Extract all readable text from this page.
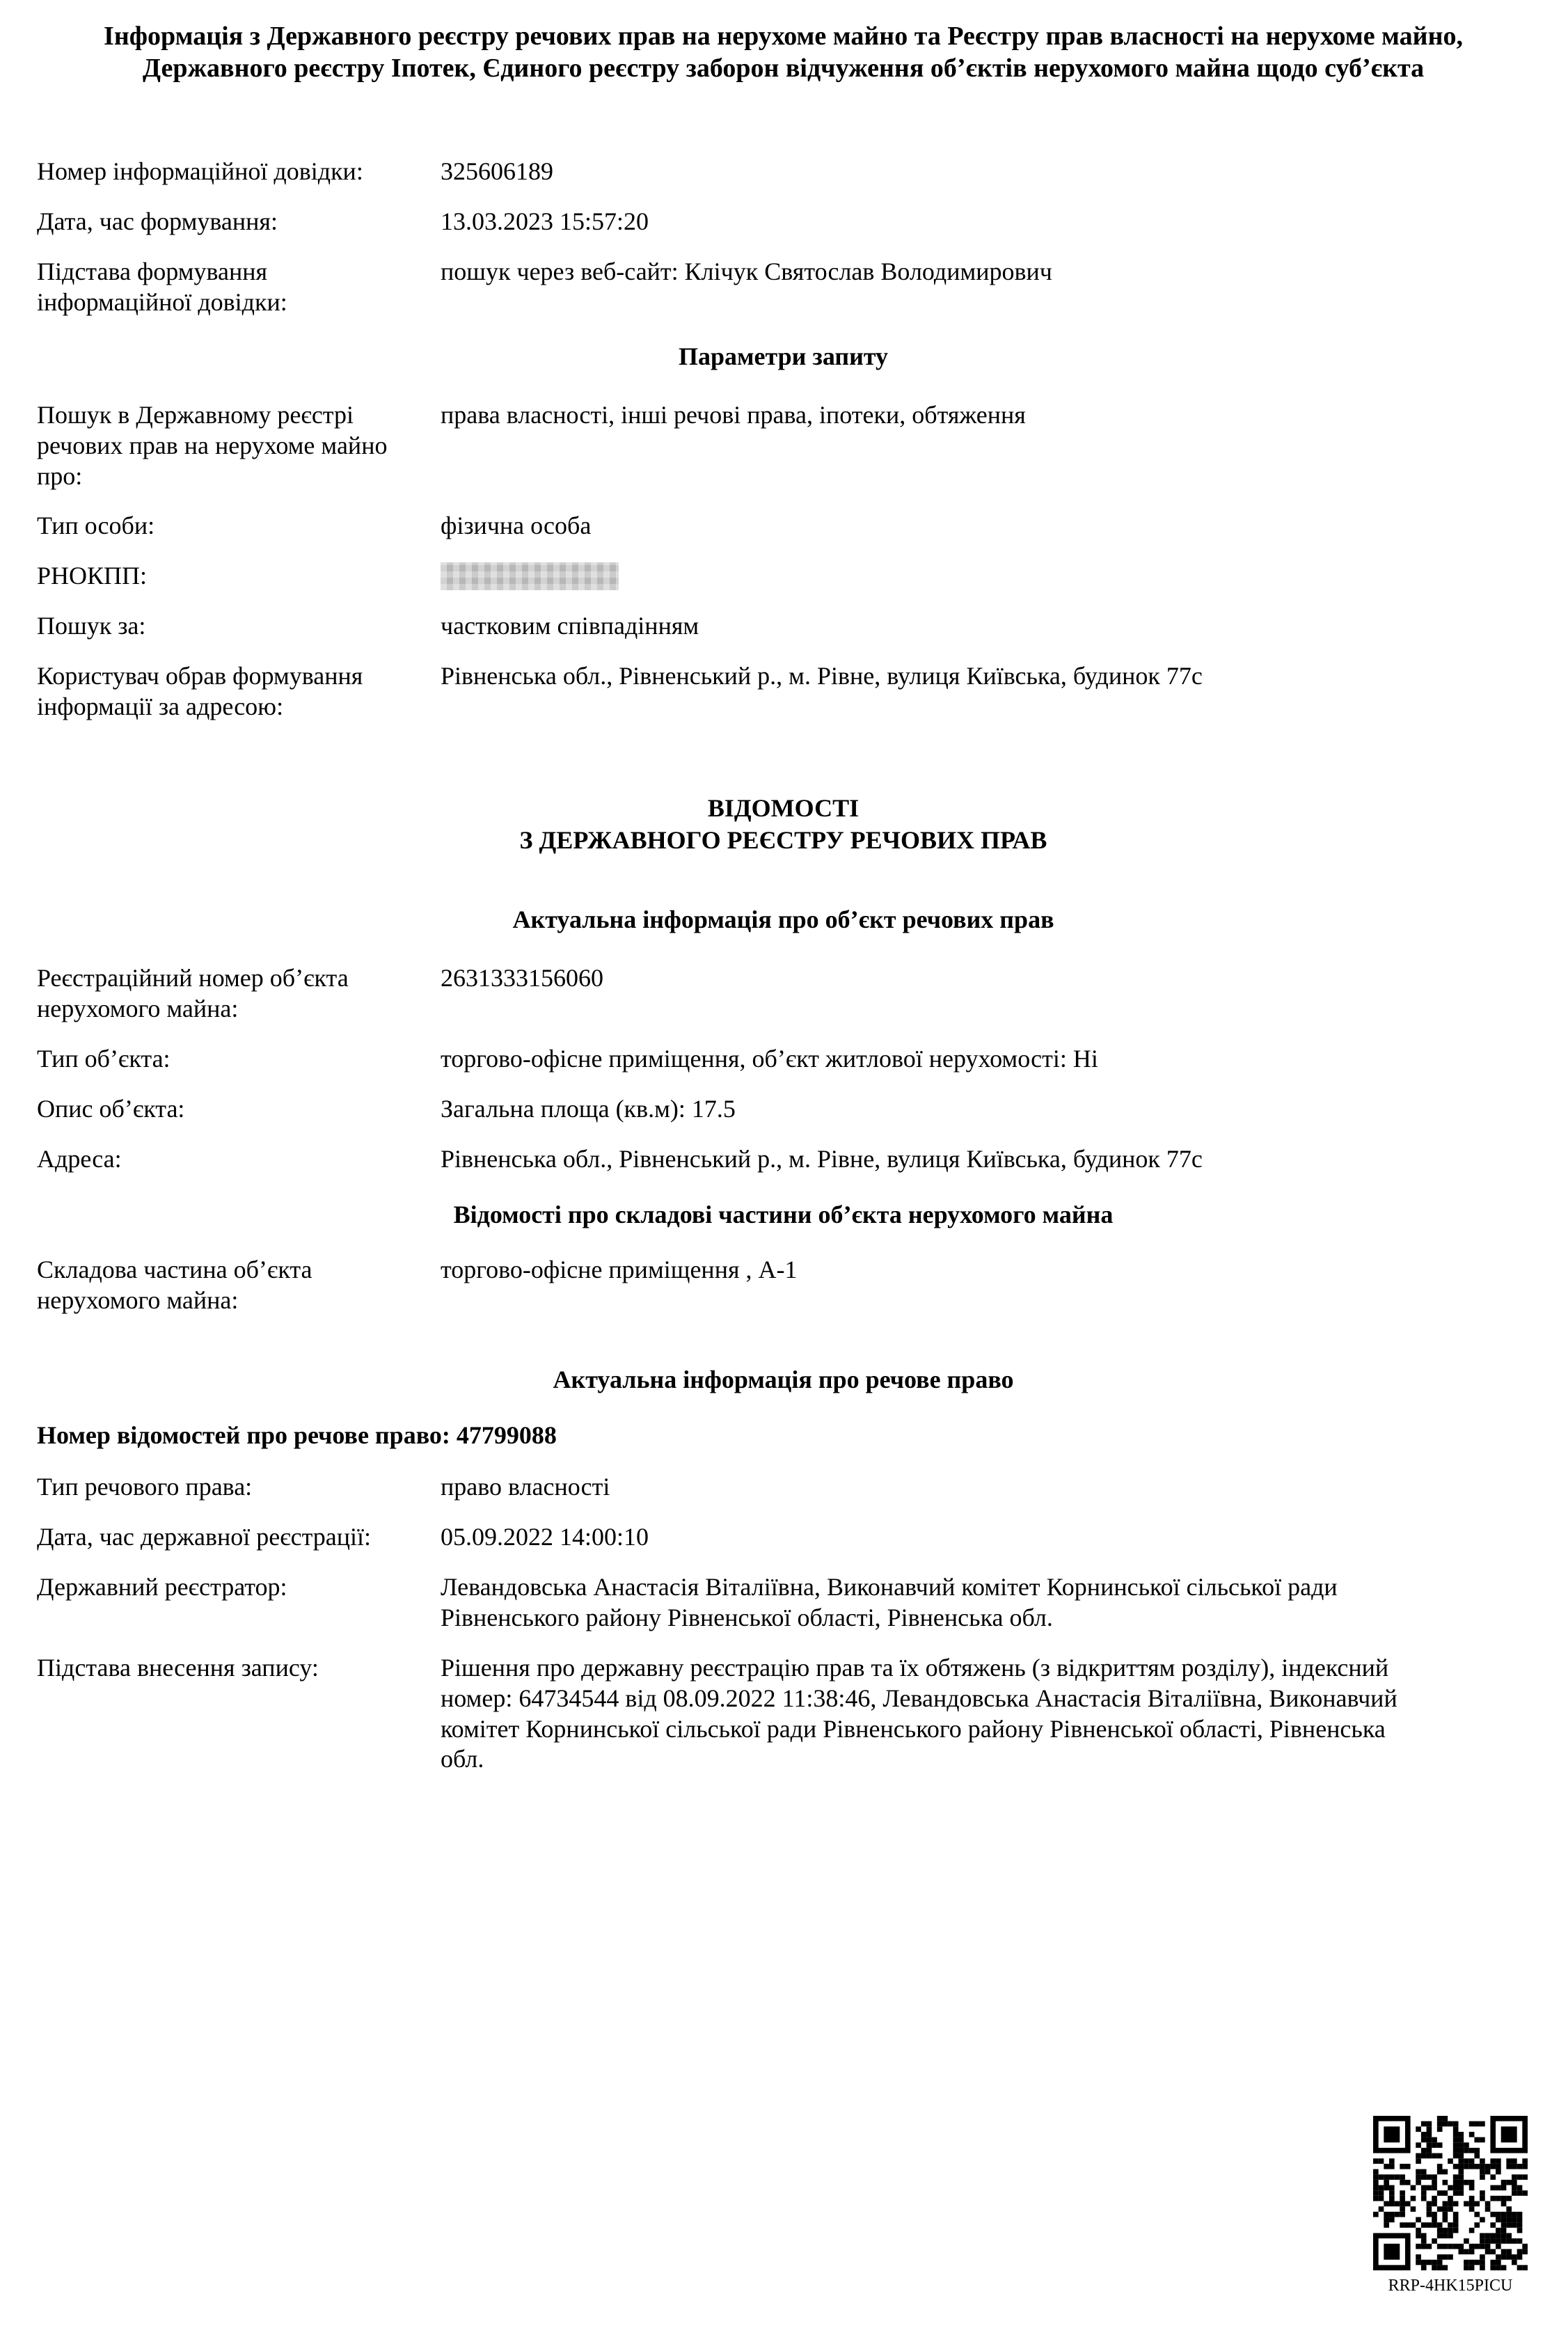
Інформація з Державного реєстру речових прав на нерухоме майно та Реєстру прав власності на нерухоме майно, Державного реєстру Іпотек, Єдиного реєстру заборон відчуження об’єктів нерухомого майна щодо суб’єкта
Номер інформаційної довідки:	325606189
Дата, час формування:	13.03.2023 15:57:20
Підстава формування інформаційної довідки:
пошук через веб-сайт: Клічук Святослав Володимирович
Параметри запиту
Пошук в Державному реєстрі речових прав на нерухоме майно про:
права власності, інші речові права, іпотеки, обтяження
Тип особи:	фізична особа
РНОКПП:
Пошук за:	частковим співпадінням
Користувач обрав формування інформації за адресою:
Рівненська обл., Рівненський р., м. Рівне, вулиця Київська, будинок 77с
ВІДОМОСТІ
З ДЕРЖАВНОГО РЕЄСТРУ РЕЧОВИХ ПРАВ
Актуальна інформація про об’єкт речових прав
Реєстраційний номер об’єкта нерухомого майна:
2631333156060
Тип об’єкта:	торгово-офісне приміщення, об’єкт житлової нерухомості: Ні
Опис об’єкта:	Загальна площа (кв.м): 17.5
Адреса:	Рівненська обл., Рівненський р., м. Рівне, вулиця Київська, будинок 77с
Відомості про складові частини об’єкта нерухомого майна
Складова частина об’єкта нерухомого майна:
торгово-офісне приміщення , А-1
Актуальна інформація про речове право
Номер відомостей про речове право: 47799088
Тип речового права:	право власності
Дата, час державної реєстрації:	05.09.2022 14:00:10
Державний реєстратор:	Левандовська Анастасія Віталіївна, Виконавчий комітет Корнинської сільської ради Рівненського району Рівненської області, Рівненська обл.
Підстава внесення запису:	Рішення про державну реєстрацію прав та їх обтяжень (з відкриттям розділу), індексний номер: 64734544 від 08.09.2022 11:38:46, Левандовська Анастасія Віталіївна, Виконавчий комітет Корнинської сільської ради Рівненського району Рівненської області, Рівненська обл.
RRP-4HK15PICU
